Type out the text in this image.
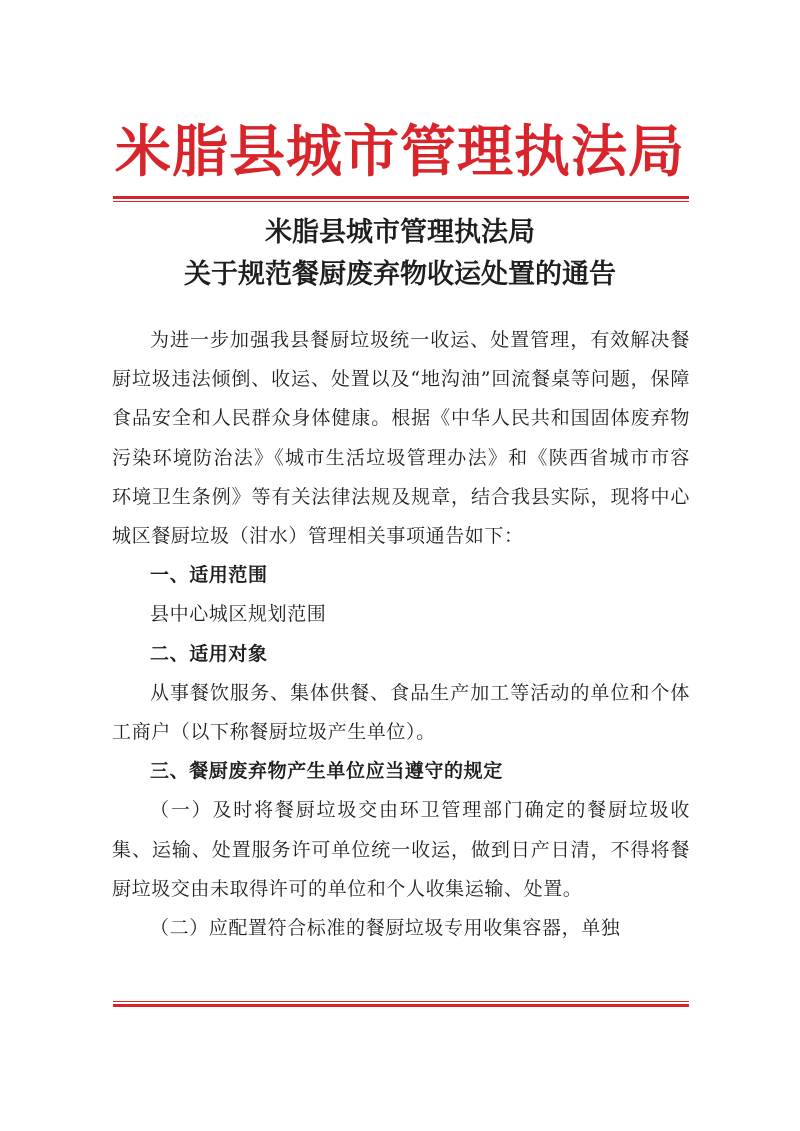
米脂县城市管理执法局
米脂县城市管理执法局
关于规范餐厨废弃物收运处置的通告

为进一步加强我县餐厨垃圾统一收运、处置管理，有效解决餐厨垃圾违法倾倒、收运、处置以及“地沟油”回流餐桌等问题，保障食品安全和人民群众身体健康。根据《中华人民共和国固体废弃物污染环境防治法》《城市生活垃圾管理办法》和《陕西省城市市容环境卫生条例》等有关法律法规及规章，结合我县实际，现将中心城区餐厨垃圾（泔水）管理相关事项通告如下：

一、适用范围

县中心城区规划范围

二、适用对象

从事餐饮服务、集体供餐、食品生产加工等活动的单位和个体工商户（以下称餐厨垃圾产生单位）。

三、餐厨废弃物产生单位应当遵守的规定

（一）及时将餐厨垃圾交由环卫管理部门确定的餐厨垃圾收集、运输、处置服务许可单位统一收运，做到日产日清，不得将餐厨垃圾交由未取得许可的单位和个人收集运输、处置。

（二）应配置符合标准的餐厨垃圾专用收集容器，单独
